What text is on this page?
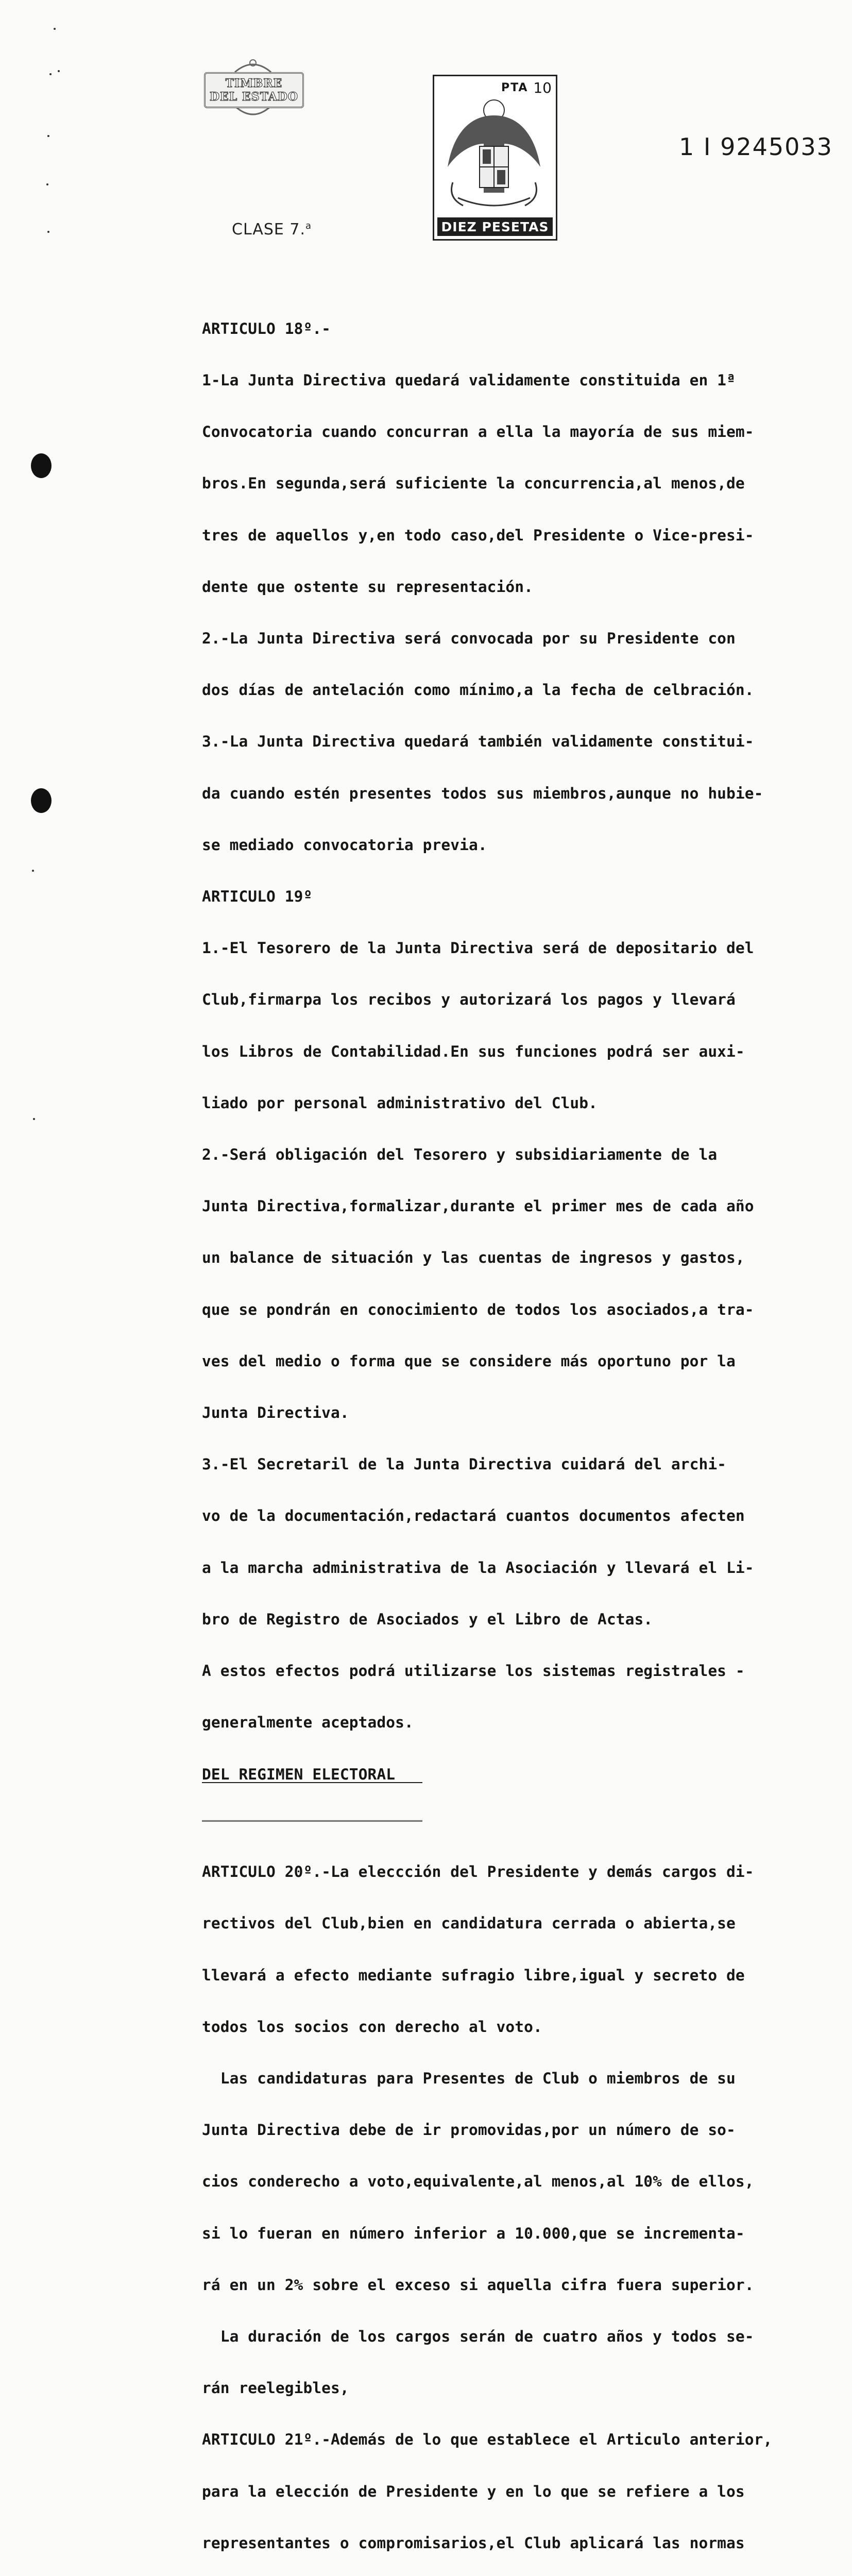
TIMBRE
DEL ESTADO
CLASE 7.$^a$
PTA 10
DIEZ PESETAS
1 I 9245033

ARTICULO 18º.-

1-La Junta Directiva quedará validamente constituida en 1ª

Convocatoria cuando concurran a ella la mayoría de sus miem-

bros.En segunda,será suficiente la concurrencia,al menos,de

tres de aquellos y,en todo caso,del Presidente o Vice-presi-

dente que ostente su representación.

2.-La Junta Directiva será convocada por su Presidente con

dos días de antelación como mínimo,a la fecha de celbración.

3.-La Junta Directiva quedará también validamente constitui-

da cuando estén presentes todos sus miembros,aunque no hubie-

se mediado convocatoria previa.

ARTICULO 19º

1.-El Tesorero de la Junta Directiva será de depositario del

Club,firmarpa los recibos y autorizará los pagos y llevará

los Libros de Contabilidad.En sus funciones podrá ser auxi-

liado por personal administrativo del Club.

2.-Será obligación del Tesorero y subsidiariamente de la

Junta Directiva,formalizar,durante el primer mes de cada año

un balance de situación y las cuentas de ingresos y gastos,

que se pondrán en conocimiento de todos los asociados,a tra-

ves del medio o forma que se considere más oportuno por la

Junta Directiva.

3.-El Secretaril de la Junta Directiva cuidará del archi-

vo de la documentación,redactará cuantos documentos afecten

a la marcha administrativa de la Asociación y llevará el Li-

bro de Registro de Asociados y el Libro de Actas.

A estos efectos podrá utilizarse los sistemas registrales -

generalmente aceptados.

DEL REGIMEN ELECTORAL

ARTICULO 20º.-La eleccción del Presidente y demás cargos di-

rectivos del Club,bien en candidatura cerrada o abierta,se

llevará a efecto mediante sufragio libre,igual y secreto de

todos los socios con derecho al voto.

Las candidaturas para Presentes de Club o miembros de su

Junta Directiva debe de ir promovidas,por un número de so-

cios conderecho a voto,equivalente,al menos,al 10% de ellos,

si lo fueran en número inferior a 10.000,que se incrementa-

rá en un 2% sobre el exceso si aquella cifra fuera superior.

La duración de los cargos serán de cuatro años y todos se-

rán reelegibles,

ARTICULO 21º.-Además de lo que establece el Articulo anterior,

para la elección de Presidente y en lo que se refiere a los

representantes o compromisarios,el Club aplicará las normas
